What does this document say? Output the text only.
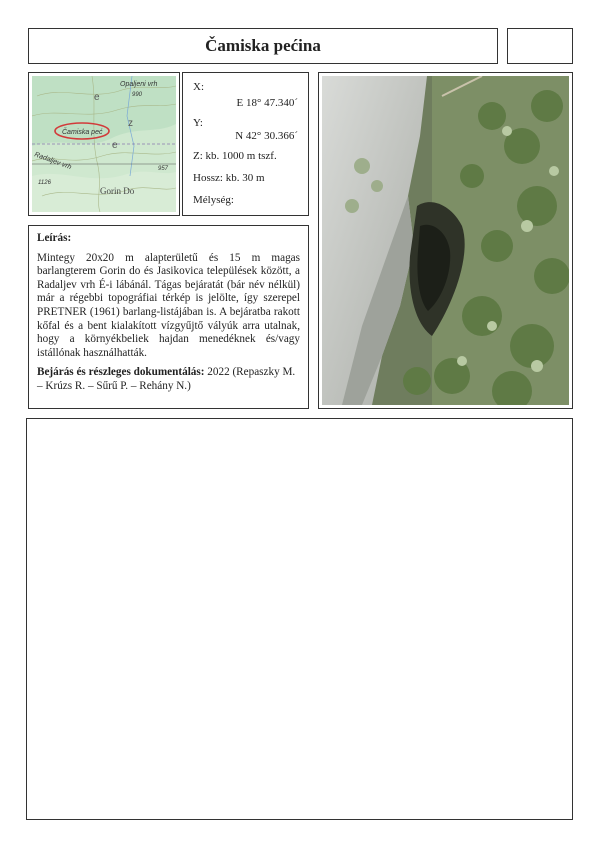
Čamiska pećina
Opaljeni vrh
990
e
z
e
Čamiska peć
Radaljev vrh
1126
957
Gorin Do
X:
E 18° 47.340´
Y:
N 42° 30.366´
Z: kb. 1000 m tszf.
Hossz: kb. 30 m
Mélység:
Leírás:
Mintegy 20x20 m alapterületű és 15 m magas barlangterem Gorin do és Jasikovica települések között, a Radaljev vrh É-i lábánál. Tágas bejáratát (bár név nélkül) már a régebbi topográfiai térkép is jelölte, így szerepel PRETNER (1961) barlang-listájában is. A bejáratba rakott kőfal és a bent kialakított vízgyűjtő vályúk arra utalnak, hogy a környékbeliek hajdan menedéknek és/vagy istállónak használhatták.
Bejárás és részleges dokumentálás: 2022 (Repaszky M. – Krúzs R. – Sűrű P. – Rehány N.)
